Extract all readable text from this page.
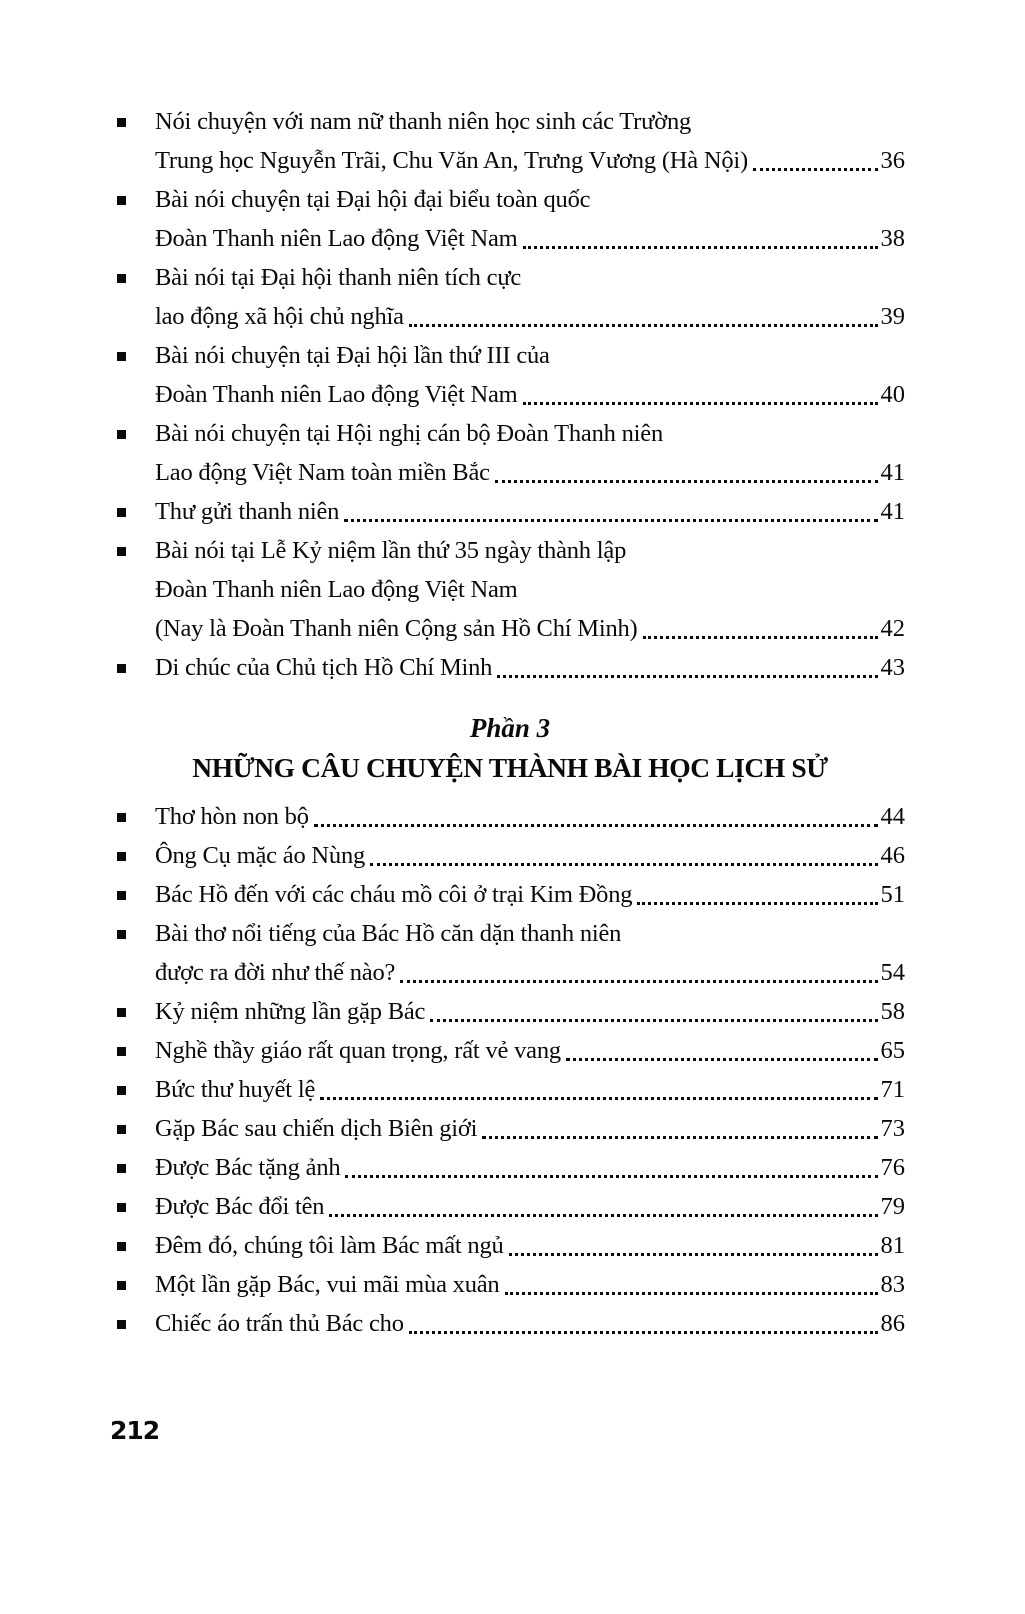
Nói chuyện với nam nữ thanh niên học sinh các Trường
Trung học Nguyễn Trãi, Chu Văn An, Trưng Vương (Hà Nội)	36
Bài nói chuyện tại Đại hội đại biểu toàn quốc
Đoàn Thanh niên Lao động Việt Nam	38
Bài nói tại Đại hội thanh niên tích cực
lao động xã hội chủ nghĩa	39
Bài nói chuyện tại Đại hội lần thứ III của
Đoàn Thanh niên Lao động Việt Nam	40
Bài nói chuyện tại Hội nghị cán bộ Đoàn Thanh niên
Lao động Việt Nam toàn miền Bắc	41
Thư gửi thanh niên	41
Bài nói tại Lễ Kỷ niệm lần thứ 35 ngày thành lập
Đoàn Thanh niên Lao động Việt Nam
(Nay là Đoàn Thanh niên Cộng sản Hồ Chí Minh)	42
Di chúc của Chủ tịch Hồ Chí Minh	43
Phần 3
NHỮNG CÂU CHUYỆN THÀNH BÀI HỌC LỊCH SỬ
Thơ hòn non bộ	44
Ông Cụ mặc áo Nùng	46
Bác Hồ đến với các cháu mồ côi ở trại Kim Đồng	51
Bài thơ nổi tiếng của Bác Hồ căn dặn thanh niên
được ra đời như thế nào?	54
Kỷ niệm những lần gặp Bác	58
Nghề thầy giáo rất quan trọng, rất vẻ vang	65
Bức thư huyết lệ	71
Gặp Bác sau chiến dịch Biên giới	73
Được Bác tặng ảnh	76
Được Bác đổi tên	79
Đêm đó, chúng tôi làm Bác mất ngủ	81
Một lần gặp Bác, vui mãi mùa xuân	83
Chiếc áo trấn thủ Bác cho	86
212
